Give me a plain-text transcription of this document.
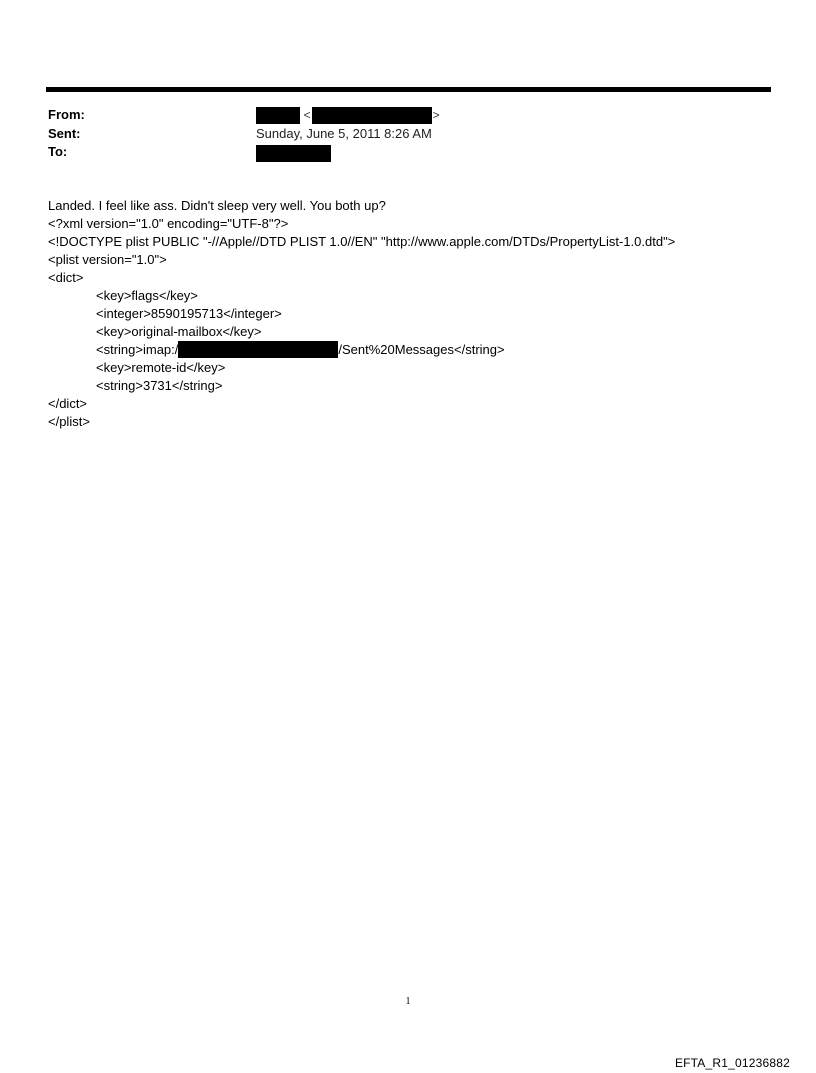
From:	<	>
Sent:	Sunday, June 5, 2011 8:26 AM
To:
Landed. I feel like ass. Didn't sleep very well. You both up?
<?xml version="1.0" encoding="UTF-8"?>
<!DOCTYPE plist PUBLIC "-//Apple//DTD PLIST 1.0//EN" "http://www.apple.com/DTDs/PropertyList-1.0.dtd">
<plist version="1.0">
<dict>
<key>flags</key>
<integer>8590195713</integer>
<key>original-mailbox</key>
<string>imap:/	/Sent%20Messages</string>
<key>remote-id</key>
<string>3731</string>
</dict>
</plist>
1
EFTA_R1_01236882
